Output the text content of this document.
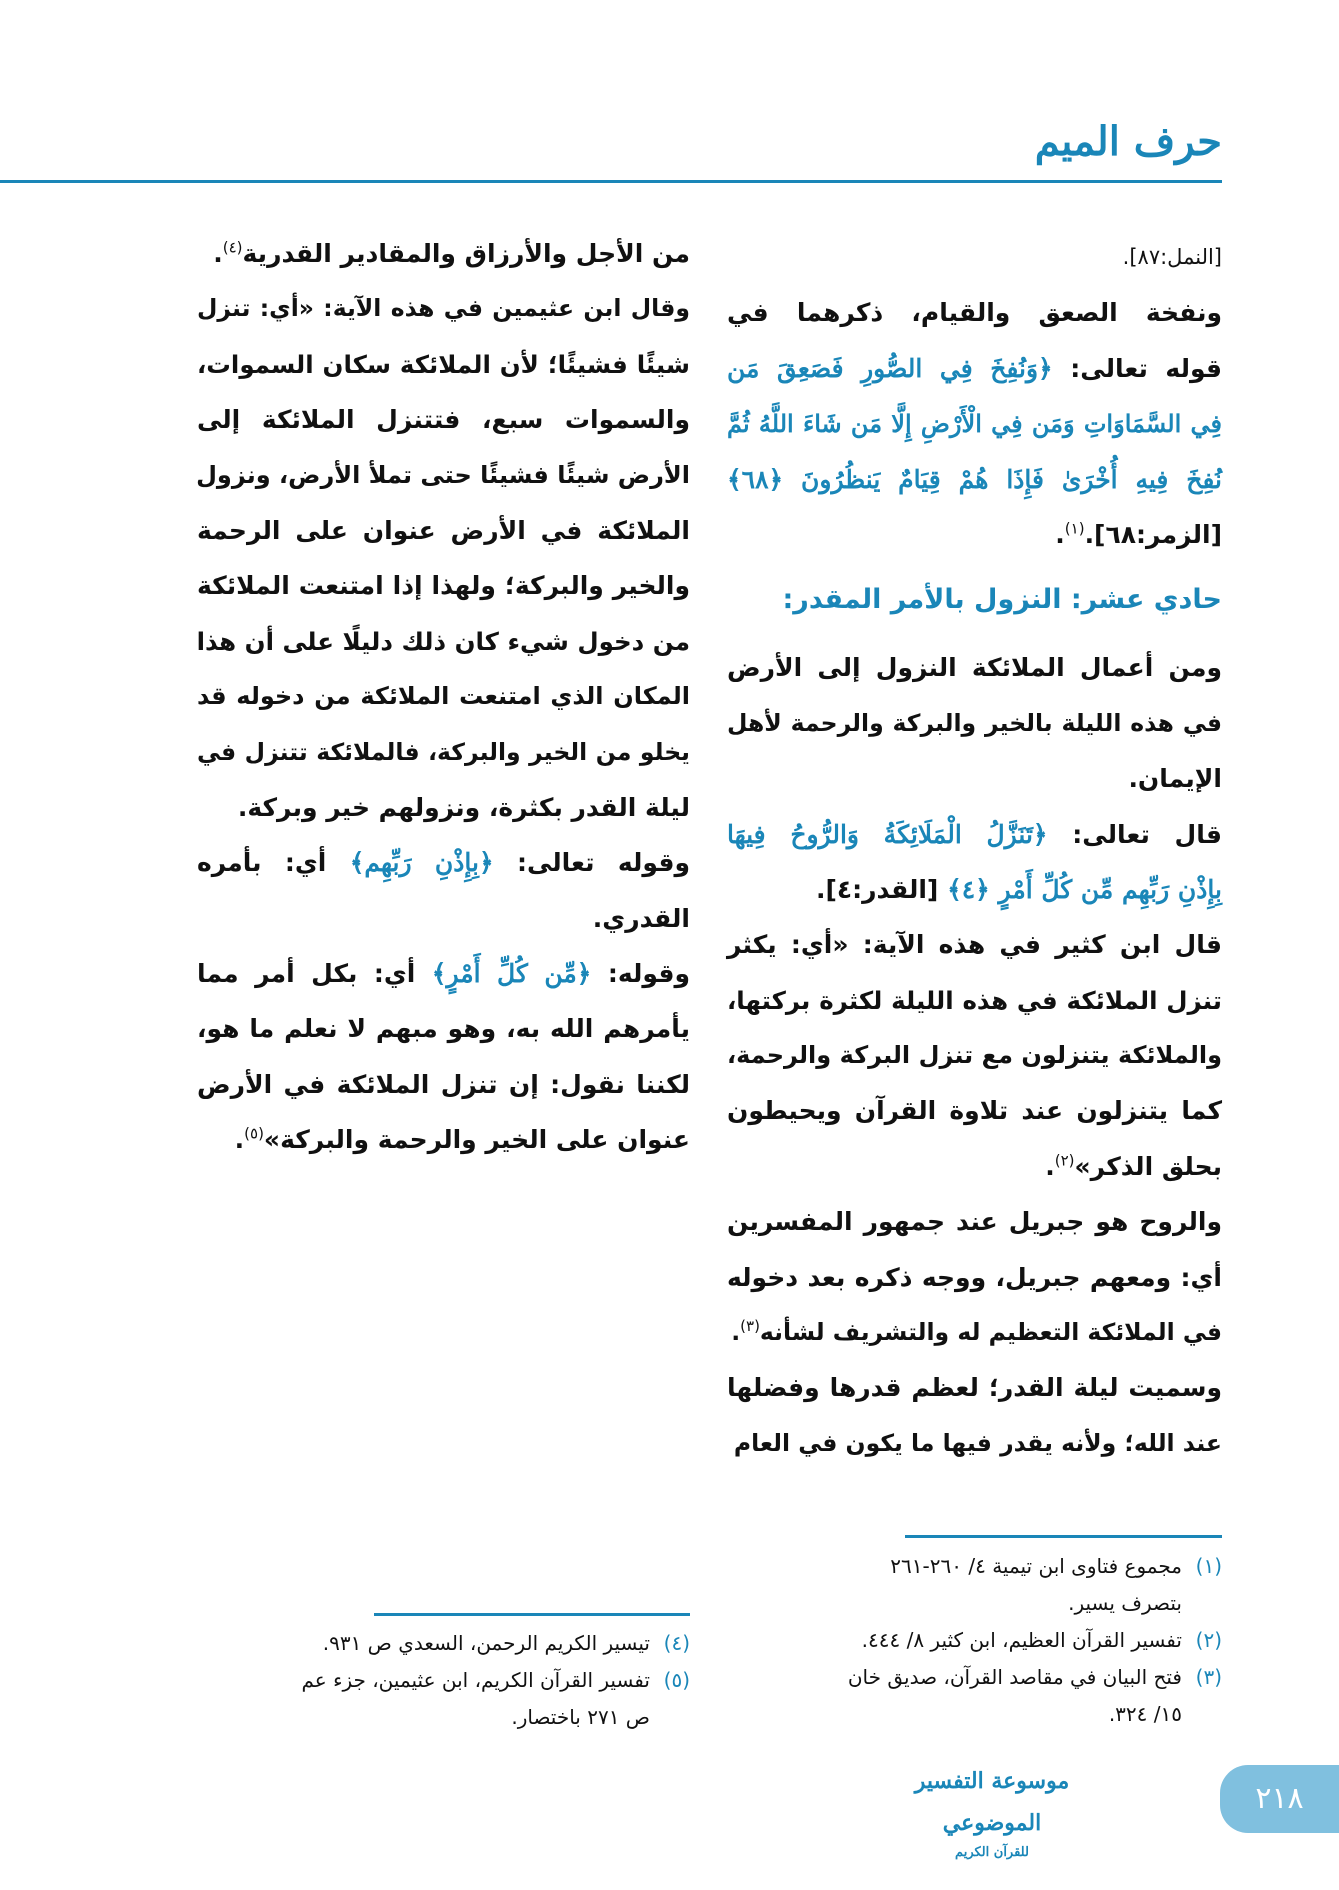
حرف الميم
[النمل:٨٧].
ونفخة الصعق والقيام، ذكرهما في
قوله تعالى: ﴿وَنُفِخَ فِي الصُّورِ فَصَعِقَ مَن
فِي السَّمَاوَاتِ وَمَن فِي الْأَرْضِ إِلَّا مَن شَاءَ اللَّهُ ثُمَّ
نُفِخَ فِيهِ أُخْرَىٰ فَإِذَا هُمْ قِيَامٌ يَنظُرُونَ ﴿٦٨﴾
[الزمر:٦٨].$^{(١)}$.
حادي عشر: النزول بالأمر المقدر:
ومن أعمال الملائكة النزول إلى الأرض
في هذه الليلة بالخير والبركة والرحمة لأهل
الإيمان.
قال تعالى: ﴿تَنَزَّلُ الْمَلَائِكَةُ وَالرُّوحُ فِيهَا
بِإِذْنِ رَبِّهِم مِّن كُلِّ أَمْرٍ ﴿٤﴾ [القدر:٤].
قال ابن كثير في هذه الآية: «أي: يكثر
تنزل الملائكة في هذه الليلة لكثرة بركتها،
والملائكة يتنزلون مع تنزل البركة والرحمة،
كما يتنزلون عند تلاوة القرآن ويحيطون
بحلق الذكر»$^{(٢)}$.
والروح هو جبريل عند جمهور المفسرين
أي: ومعهم جبريل، ووجه ذكره بعد دخوله
في الملائكة التعظيم له والتشريف لشأنه$^{(٣)}$.
وسميت ليلة القدر؛ لعظم قدرها وفضلها
عند الله؛ ولأنه يقدر فيها ما يكون في العام
من الأجل والأرزاق والمقادير القدرية$^{(٤)}$.
وقال ابن عثيمين في هذه الآية: «أي: تنزل
شيئًا فشيئًا؛ لأن الملائكة سكان السموات،
والسموات سبع، فتتنزل الملائكة إلى
الأرض شيئًا فشيئًا حتى تملأ الأرض، ونزول
الملائكة في الأرض عنوان على الرحمة
والخير والبركة؛ ولهذا إذا امتنعت الملائكة
من دخول شيء كان ذلك دليلًا على أن هذا
المكان الذي امتنعت الملائكة من دخوله قد
يخلو من الخير والبركة، فالملائكة تتنزل في
ليلة القدر بكثرة، ونزولهم خير وبركة.
وقوله تعالى: ﴿بِإِذْنِ رَبِّهِم﴾ أي: بأمره
القدري.
وقوله: ﴿مِّن كُلِّ أَمْرٍ﴾ أي: بكل أمر مما
يأمرهم الله به، وهو مبهم لا نعلم ما هو،
لكننا نقول: إن تنزل الملائكة في الأرض
عنوان على الخير والرحمة والبركة»$^{(٥)}$.
(١)مجموع فتاوى ابن تيمية ٤/ ٢٦٠-٢٦١
بتصرف يسير.
(٢)تفسير القرآن العظيم، ابن كثير ٨/ ٤٤٤.
(٣)فتح البيان في مقاصد القرآن، صديق خان
١٥/ ٣٢٤.
(٤)تيسير الكريم الرحمن، السعدي ص ٩٣١.
(٥)تفسير القرآن الكريم، ابن عثيمين، جزء عم
ص ٢٧١ باختصار.
موسوعة التفسير الموضوعي
للقرآن الكريم
٢١٨
